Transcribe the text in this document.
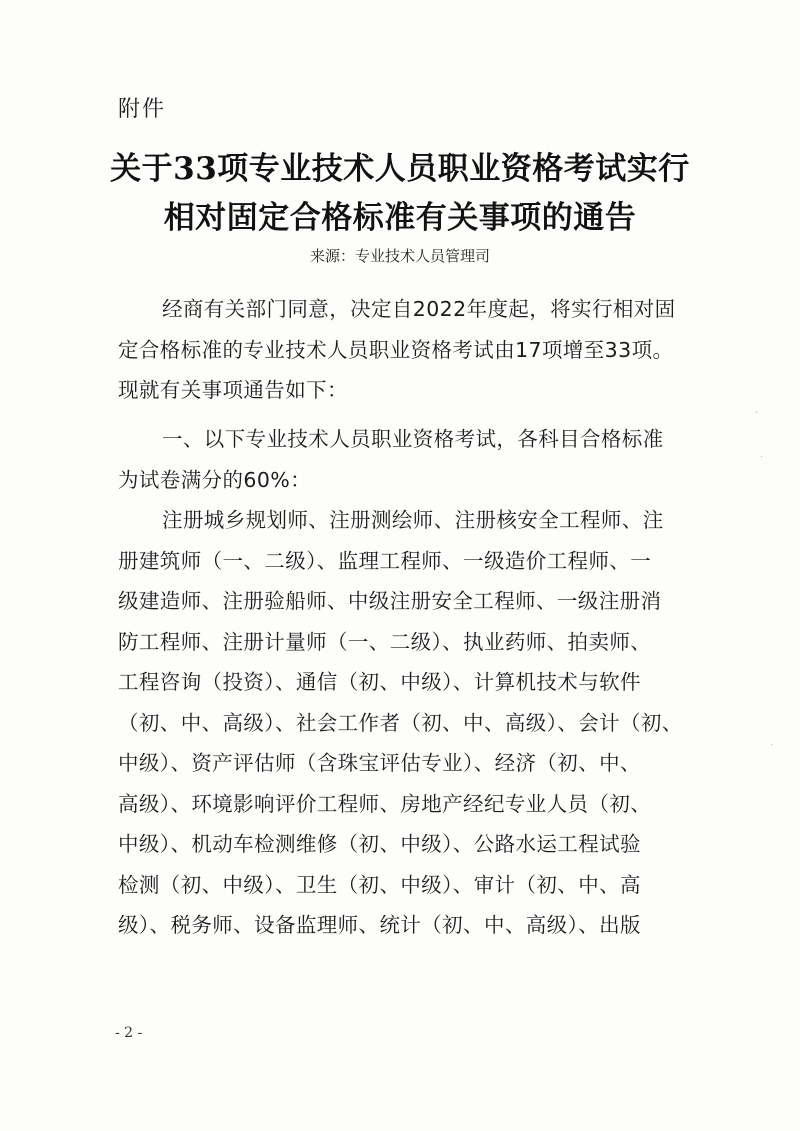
附件
关于33项专业技术人员职业资格考试实行
相对固定合格标准有关事项的通告
来源：专业技术人员管理司
经商有关部门同意，决定自2022年度起，将实行相对固
定合格标准的专业技术人员职业资格考试由17项增至33项。
现就有关事项通告如下：
一、以下专业技术人员职业资格考试，各科目合格标准
为试卷满分的60%：
注册城乡规划师、注册测绘师、注册核安全工程师、注
册建筑师（一、二级）、监理工程师、一级造价工程师、一
级建造师、注册验船师、中级注册安全工程师、一级注册消
防工程师、注册计量师（一、二级）、执业药师、拍卖师、
工程咨询（投资）、通信（初、中级）、计算机技术与软件
（初、中、高级）、社会工作者（初、中、高级）、会计（初、
中级）、资产评估师（含珠宝评估专业）、经济（初、中、
高级）、环境影响评价工程师、房地产经纪专业人员（初、
中级）、机动车检测维修（初、中级）、公路水运工程试验
检测（初、中级）、卫生（初、中级）、审计（初、中、高
级）、税务师、设备监理师、统计（初、中、高级）、出版
- 2 -
·
·
·
